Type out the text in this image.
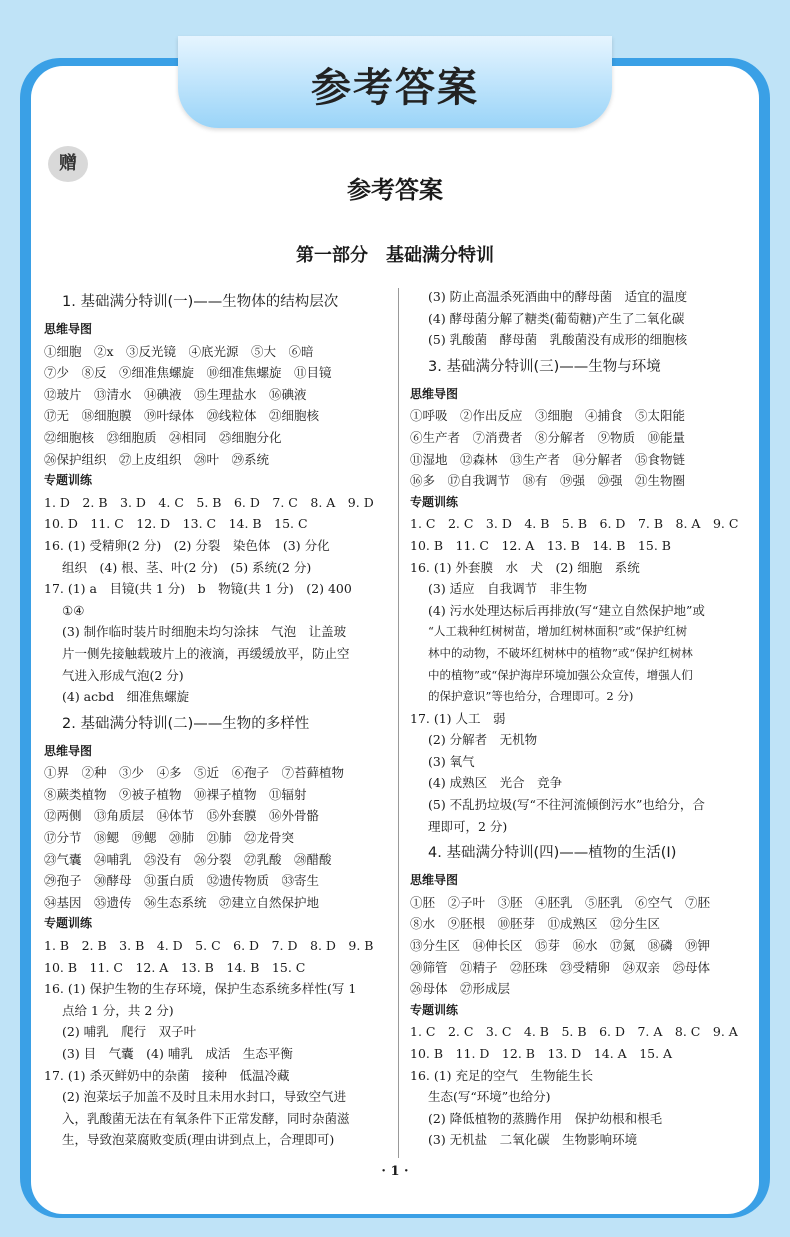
参考答案
赠
参考答案
第一部分　基础满分特训
1. 基础满分特训(一)——生物体的结构层次
思维导图
①细胞　②x　③反光镜　④底光源　⑤大　⑥暗
⑦少　⑧反　⑨细准焦螺旋　⑩细准焦螺旋　⑪目镜
⑫玻片　⑬清水　⑭碘液　⑮生理盐水　⑯碘液
⑰无　⑱细胞膜　⑲叶绿体　⑳线粒体　㉑细胞核
㉒细胞核　㉓细胞质　㉔相同　㉕细胞分化
㉖保护组织　㉗上皮组织　㉘叶　㉙系统
专题训练
1. D　2. B　3. D　4. C　5. B　6. D　7. C　8. A　9. D
10. D　11. C　12. D　13. C　14. B　15. C
16. (1) 受精卵(2 分)　(2) 分裂　染色体　(3) 分化
组织　(4) 根、茎、叶(2 分)　(5) 系统(2 分)
17. (1) a　目镜(共 1 分)　b　物镜(共 1 分)　(2) 400
①④
(3) 制作临时装片时细胞未均匀涂抹　气泡　让盖玻
片一侧先接触载玻片上的液滴，再缓缓放平，防止空
气进入形成气泡(2 分)
(4) acbd　细准焦螺旋
2. 基础满分特训(二)——生物的多样性
思维导图
①界　②种　③少　④多　⑤近　⑥孢子　⑦苔藓植物
⑧蕨类植物　⑨被子植物　⑩裸子植物　⑪辐射
⑫两侧　⑬角质层　⑭体节　⑮外套膜　⑯外骨骼
⑰分节　⑱鳃　⑲鳃　⑳肺　㉑肺　㉒龙骨突
㉓气囊　㉔哺乳　㉕没有　㉖分裂　㉗乳酸　㉘醋酸
㉙孢子　㉚酵母　㉛蛋白质　㉜遗传物质　㉝寄生
㉞基因　㉟遗传　㊱生态系统　㊲建立自然保护地
专题训练
1. B　2. B　3. B　4. D　5. C　6. D　7. D　8. D　9. B
10. B　11. C　12. A　13. B　14. B　15. C
16. (1) 保护生物的生存环境，保护生态系统多样性(写 1
点给 1 分，共 2 分)
(2) 哺乳　爬行　双子叶
(3) 目　气囊　(4) 哺乳　成活　生态平衡
17. (1) 杀灭鲜奶中的杂菌　接种　低温冷藏
(2) 泡菜坛子加盖不及时且未用水封口，导致空气进
入，乳酸菌无法在有氧条件下正常发酵，同时杂菌滋
生，导致泡菜腐败变质(理由讲到点上，合理即可)
(3) 防止高温杀死酒曲中的酵母菌　适宜的温度
(4) 酵母菌分解了糖类(葡萄糖)产生了二氧化碳
(5) 乳酸菌　酵母菌　乳酸菌没有成形的细胞核
3. 基础满分特训(三)——生物与环境
思维导图
①呼吸　②作出反应　③细胞　④捕食　⑤太阳能
⑥生产者　⑦消费者　⑧分解者　⑨物质　⑩能量
⑪湿地　⑫森林　⑬生产者　⑭分解者　⑮食物链
⑯多　⑰自我调节　⑱有　⑲强　⑳强　㉑生物圈
专题训练
1. C　2. C　3. D　4. B　5. B　6. D　7. B　8. A　9. C
10. B　11. C　12. A　13. B　14. B　15. B
16. (1) 外套膜　水　犬　(2) 细胞　系统
(3) 适应　自我调节　非生物
(4) 污水处理达标后再排放(写“建立自然保护地”或
“人工栽种红树树苗，增加红树林面积”或“保护红树
林中的动物，不破坏红树林中的植物”或“保护红树林
中的植物”或“保护海岸环境加强公众宣传，增强人们
的保护意识”等也给分，合理即可。2 分)
17. (1) 人工　弱
(2) 分解者　无机物
(3) 氧气
(4) 成熟区　光合　竞争
(5) 不乱扔垃圾(写“不往河流倾倒污水”也给分，合
理即可，2 分)
4. 基础满分特训(四)——植物的生活(Ⅰ)
思维导图
①胚　②子叶　③胚　④胚乳　⑤胚乳　⑥空气　⑦胚
⑧水　⑨胚根　⑩胚芽　⑪成熟区　⑫分生区
⑬分生区　⑭伸长区　⑮芽　⑯水　⑰氮　⑱磷　⑲钾
⑳筛管　㉑精子　㉒胚珠　㉓受精卵　㉔双亲　㉕母体
㉖母体　㉗形成层
专题训练
1. C　2. C　3. C　4. B　5. B　6. D　7. A　8. C　9. A
10. B　11. D　12. B　13. D　14. A　15. A
16. (1) 充足的空气　生物能生长
生态(写“环境”也给分)
(2) 降低植物的蒸腾作用　保护幼根和根毛
(3) 无机盐　二氧化碳　生物影响环境
· 1 ·
